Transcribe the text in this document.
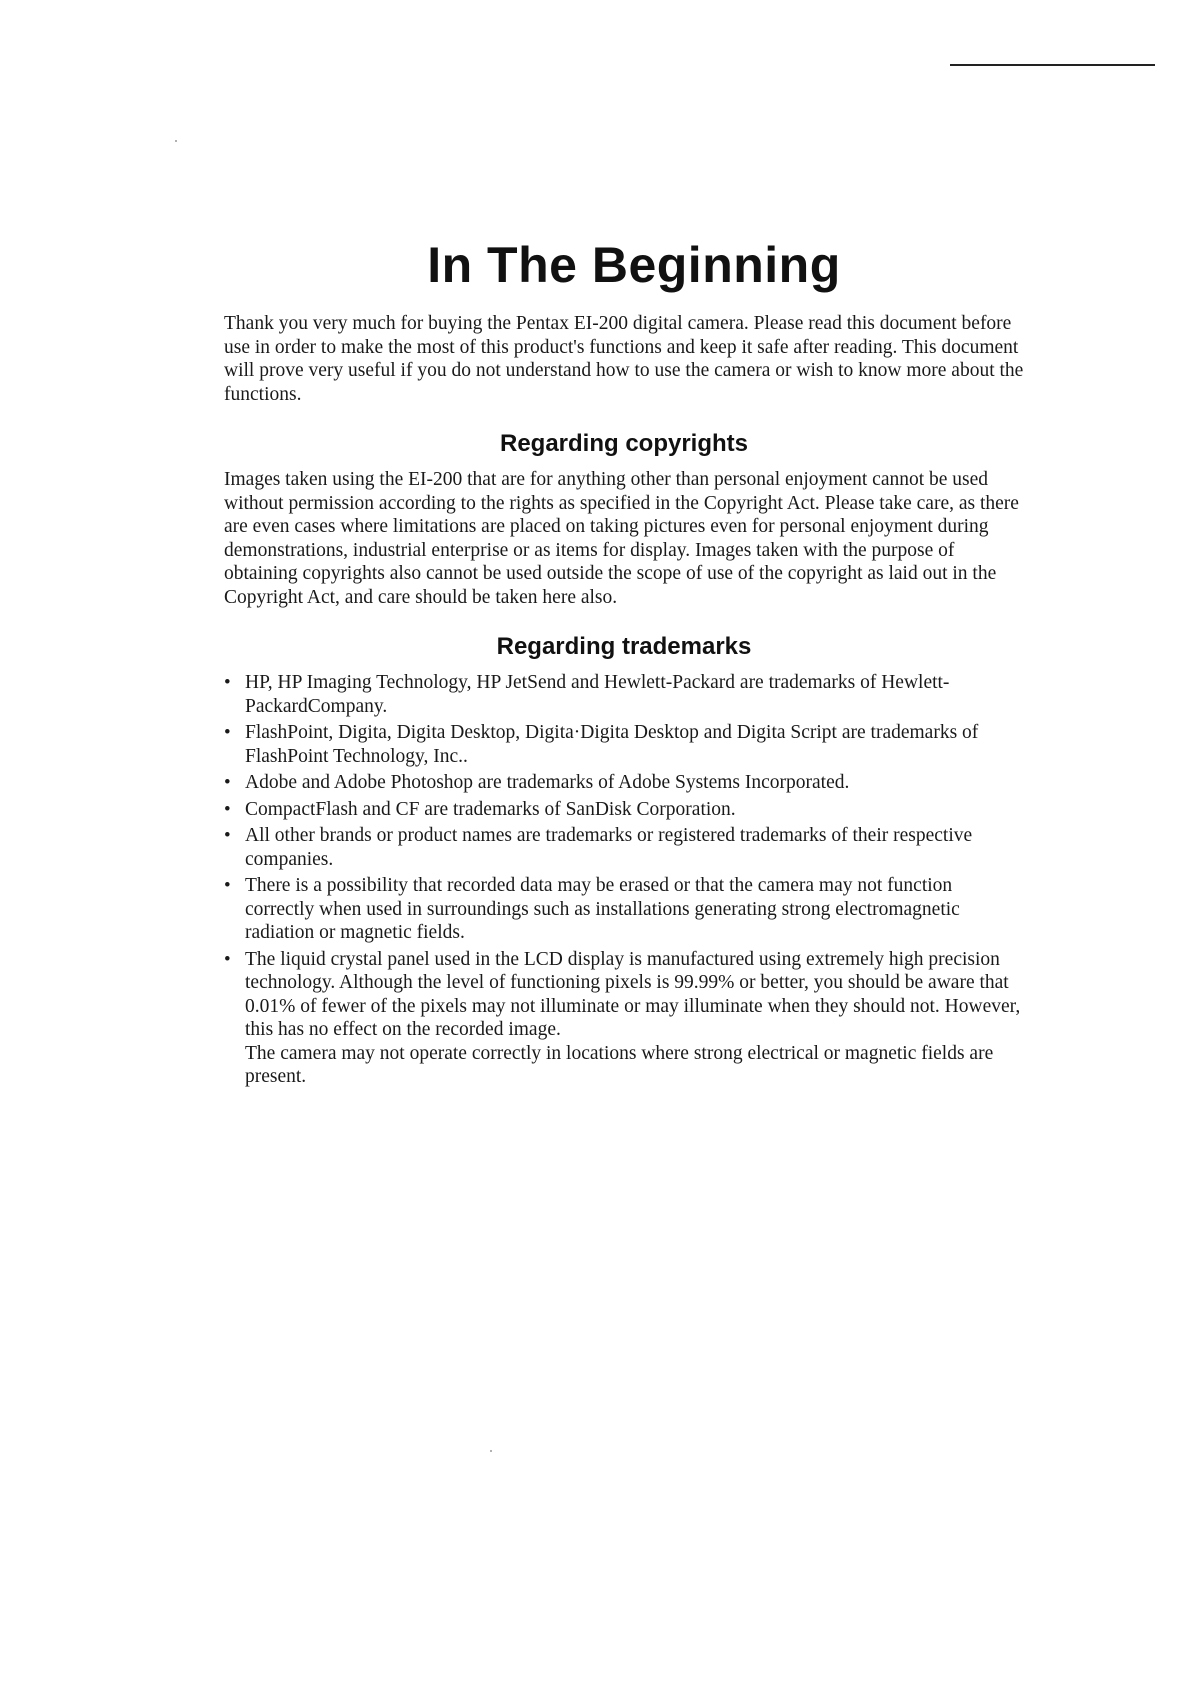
In The Beginning

Thank you very much for buying the Pentax EI-200 digital camera. Please read this document before use in order to make the most of this product's functions and keep it safe after reading. This document will prove very useful if you do not understand how to use the camera or wish to know more about the functions.

Regarding copyrights

Images taken using the EI-200 that are for anything other than personal enjoyment cannot be used without permission according to the rights as specified in the Copyright Act. Please take care, as there are even cases where limitations are placed on taking pictures even for personal enjoyment during demonstrations, industrial enterprise or as items for display. Images taken with the purpose of obtaining copyrights also cannot be used outside the scope of use of the copyright as laid out in the Copyright Act, and care should be taken here also.

Regarding trademarks
• HP, HP Imaging Technology, HP JetSend and Hewlett-Packard are trademarks of Hewlett-PackardCompany.
• FlashPoint, Digita, Digita Desktop, Digita·Digita Desktop and Digita Script are trademarks of FlashPoint Technology, Inc..
• Adobe and Adobe Photoshop are trademarks of Adobe Systems Incorporated.
• CompactFlash and CF are trademarks of SanDisk Corporation.
• All other brands or product names are trademarks or registered trademarks of their respective companies.
• There is a possibility that recorded data may be erased or that the camera may not function correctly when used in surroundings such as installations generating strong electromagnetic radiation or magnetic fields.
• The liquid crystal panel used in the LCD display is manufactured using extremely high precision technology. Although the level of functioning pixels is 99.99% or better, you should be aware that 0.01% of fewer of the pixels may not illuminate or may illuminate when they should not. However, this has no effect on the recorded image.
The camera may not operate correctly in locations where strong electrical or magnetic fields are present.
